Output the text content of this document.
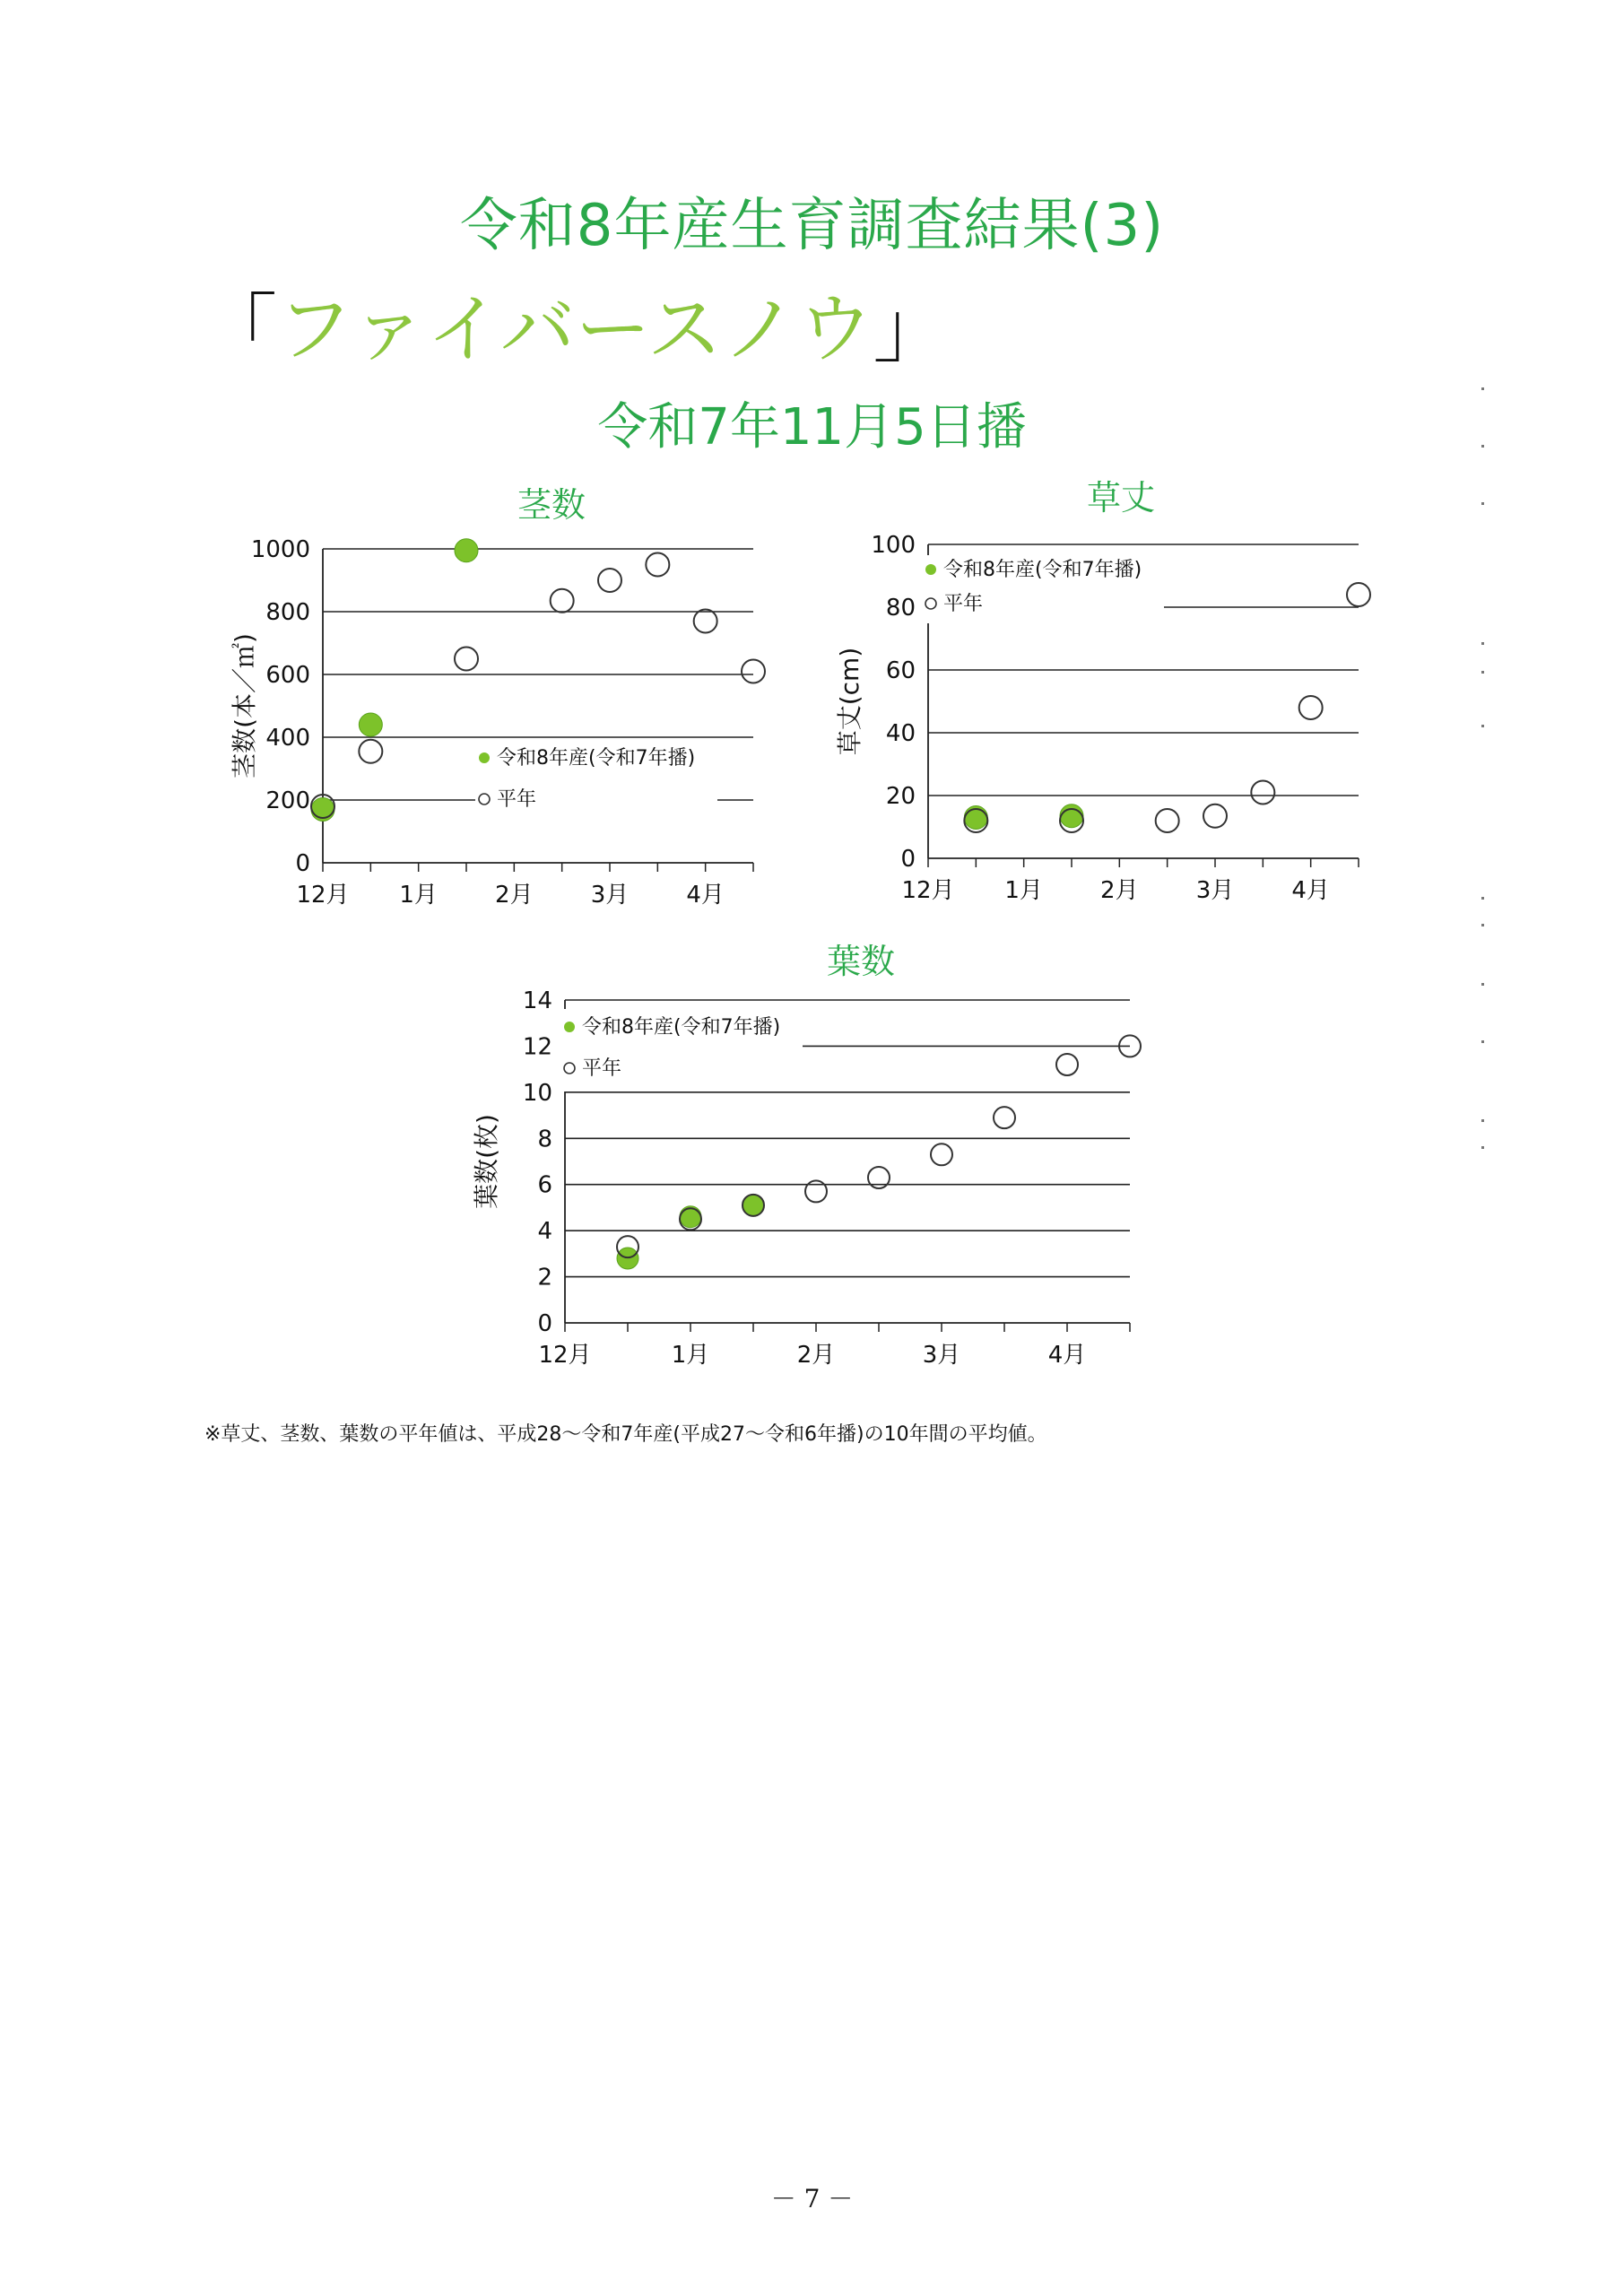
令和8年産生育調査結果(3)
「ファイバースノウ」
令和7年11月5日播
茎数
0
200
400
600
800
1000
12月 1月 2月 3月 4月
茎数(本／㎡)	令和8年産(令和7年播)
平年
草丈
0
20
40
60
80
100
12月 1月 2月 3月 4月
草丈(cm)
令和8年産(令和7年播)
平年
葉数
0
2
4
6
8
10
12
14
12月	1月	2月	3月	4月
葉数(枚)
令和8年産(令和7年播)
平年
※草丈、茎数、葉数の平年値は、平成28～令和7年産(平成27～令和6年播)の10年間の平均値。
－ 7 －
